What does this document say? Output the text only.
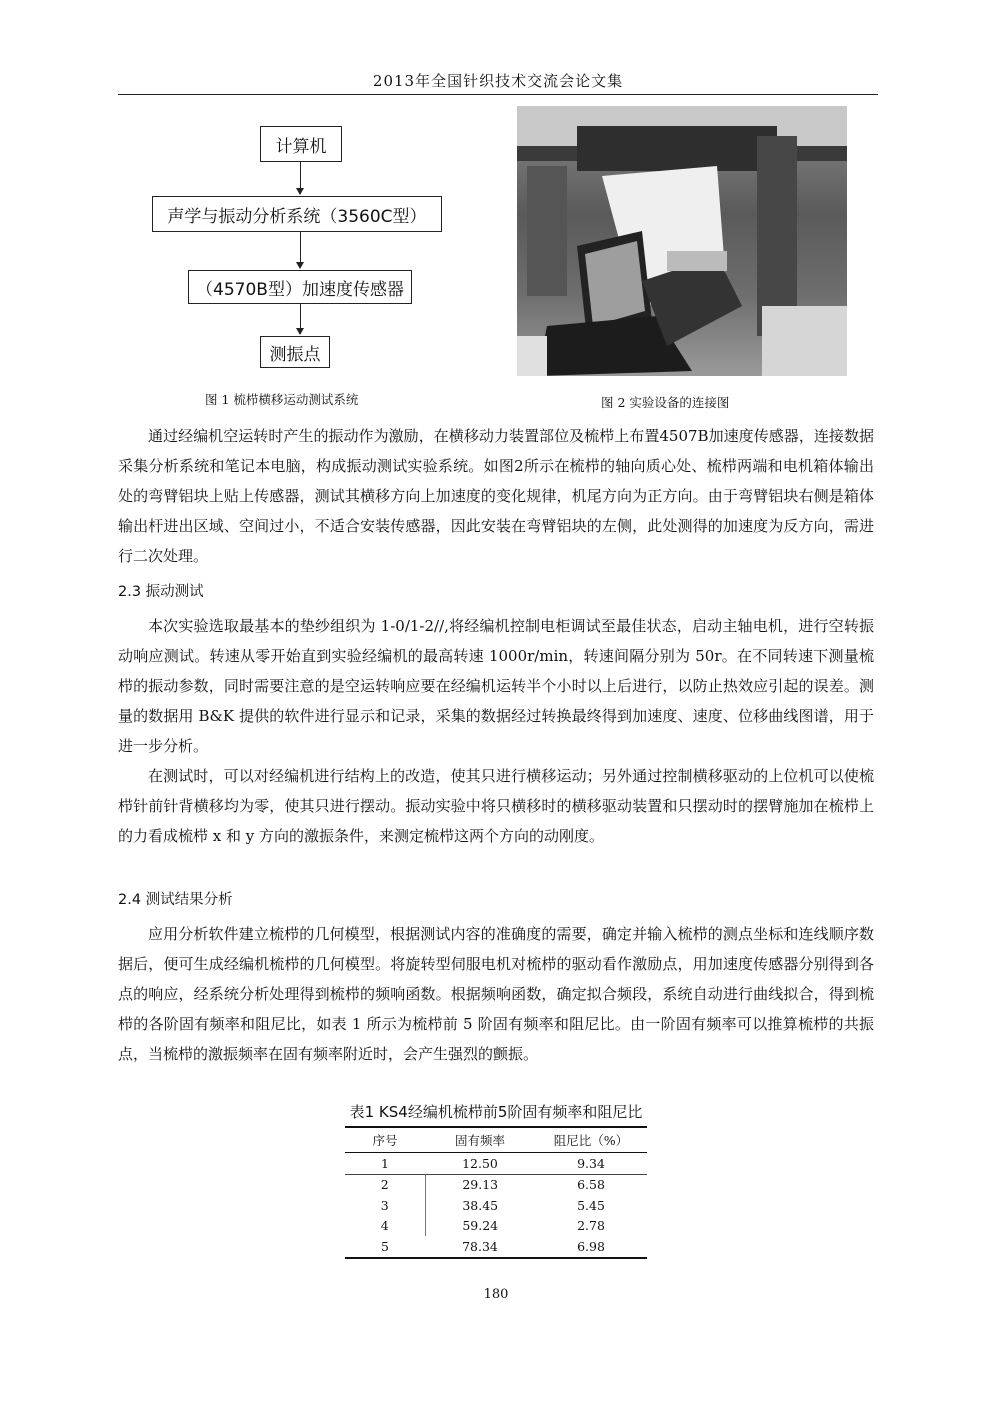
2013年全国针织技术交流会论文集
计算机
声学与振动分析系统（3560C型）
（4570B型）加速度传感器
测振点
图 1 梳栉横移运动测试系统	图 2 实验设备的连接图

通过经编机空运转时产生的振动作为激励，在横移动力装置部位及梳栉上布置4507B加速度传感器，连接数据采集分析系统和笔记本电脑，构成振动测试实验系统。如图2所示在梳栉的轴向质心处、梳栉两端和电机箱体输出处的弯臂铝块上贴上传感器，测试其横移方向上加速度的变化规律，机尾方向为正方向。由于弯臂铝块右侧是箱体输出杆进出区域、空间过小，不适合安装传感器，因此安装在弯臂铝块的左侧，此处测得的加速度为反方向，需进行二次处理。

2.3 振动测试

本次实验选取最基本的垫纱组织为 1-0/1-2//,将经编机控制电柜调试至最佳状态，启动主轴电机，进行空转振动响应测试。转速从零开始直到实验经编机的最高转速 1000r/min，转速间隔分别为 50r。在不同转速下测量梳栉的振动参数，同时需要注意的是空运转响应要在经编机运转半个小时以上后进行，以防止热效应引起的误差。测量的数据用 B&K 提供的软件进行显示和记录，采集的数据经过转换最终得到加速度、速度、位移曲线图谱，用于进一步分析。

在测试时，可以对经编机进行结构上的改造，使其只进行横移运动；另外通过控制横移驱动的上位机可以使梳栉针前针背横移均为零，使其只进行摆动。振动实验中将只横移时的横移驱动装置和只摆动时的摆臂施加在梳栉上的力看成梳栉 x 和 y 方向的激振条件，来测定梳栉这两个方向的动刚度。

2.4 测试结果分析

应用分析软件建立梳栉的几何模型，根据测试内容的准确度的需要，确定并输入梳栉的测点坐标和连线顺序数据后，便可生成经编机梳栉的几何模型。将旋转型伺服电机对梳栉的驱动看作激励点，用加速度传感器分别得到各点的响应，经系统分析处理得到梳栉的频响函数。根据频响函数，确定拟合频段，系统自动进行曲线拟合，得到梳栉的各阶固有频率和阻尼比，如表 1 所示为梳栉前 5 阶固有频率和阻尼比。由一阶固有频率可以推算梳栉的共振点，当梳栉的激振频率在固有频率附近时，会产生强烈的颤振。

表1 KS4经编机梳栉前5阶固有频率和阻尼比
序号	固有频率	阻尼比（%）
1	12.50	9.34
2	29.13	6.58
3	38.45	5.45
4	59.24	2.78
5	78.34	6.98
180
